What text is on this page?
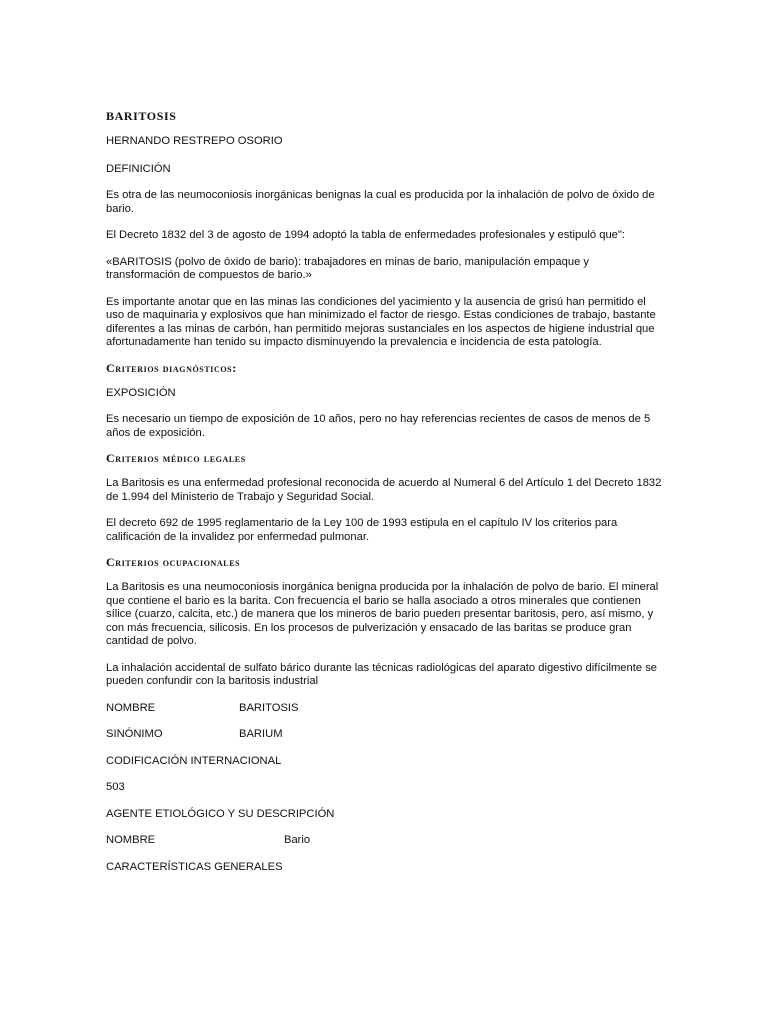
BARITOSIS

HERNANDO RESTREPO OSORIO

DEFINICIÓN

Es otra de las neumoconiosis inorgánicas benignas la cual es producida por la inhalación de polvo de óxido de bario.

El Decreto 1832 del 3 de agosto de 1994 adoptó la tabla de enfermedades profesionales y estipuló que":

«BARITOSIS (polvo de óxido de bario): trabajadores en minas de bario, manipulación empaque y transformación de compuestos de bario.»

Es importante anotar que en las minas las condiciones del yacimiento y la ausencia de grisú han permitido el uso de maquinaria y explosivos que han minimizado el factor de riesgo. Estas condiciones de trabajo, bastante diferentes a las minas de carbón, han permitido mejoras sustanciales en los aspectos de higiene industrial que afortunadamente han tenido su impacto disminuyendo la prevalencia e incidencia de esta patología.

Criterios diagnósticos:

EXPOSICIÓN

Es necesario un tiempo de exposición de 10 años, pero no hay referencias recientes de casos de menos de 5 años de exposición.

Criterios médico legales

La Baritosis es una enfermedad profesional reconocida de acuerdo al Numeral 6 del Artículo 1 del Decreto 1832 de 1.994 del Ministerio de Trabajo y Seguridad Social.

El decreto 692 de 1995 reglamentario de la Ley 100 de 1993 estipula en el capítulo IV los criterios para calificación de la invalidez por enfermedad pulmonar.

Criterios ocupacionales

La Baritosis es una neumoconiosis inorgánica benigna producida por la inhalación de polvo de bario. El mineral que contiene el bario es la barita. Con frecuencia el bario se halla asociado a otros minerales que contienen sílice (cuarzo, calcita, etc.) de manera que los mineros de bario pueden presentar baritosis, pero, así mismo, y con más frecuencia, silicosis. En los procesos de pulverización y ensacado de las baritas se produce gran cantidad de polvo.

La inhalación accidental de sulfato bárico durante las técnicas radiológicas del aparato digestivo difícilmente se pueden confundir con la baritosis industrial

NOMBRE	BARITOSIS
SINÓNIMO	BARIUM

CODIFICACIÓN INTERNACIONAL

503

AGENTE ETIOLÓGICO Y SU DESCRIPCIÓN

NOMBRE	Bario

CARACTERÍSTICAS GENERALES
